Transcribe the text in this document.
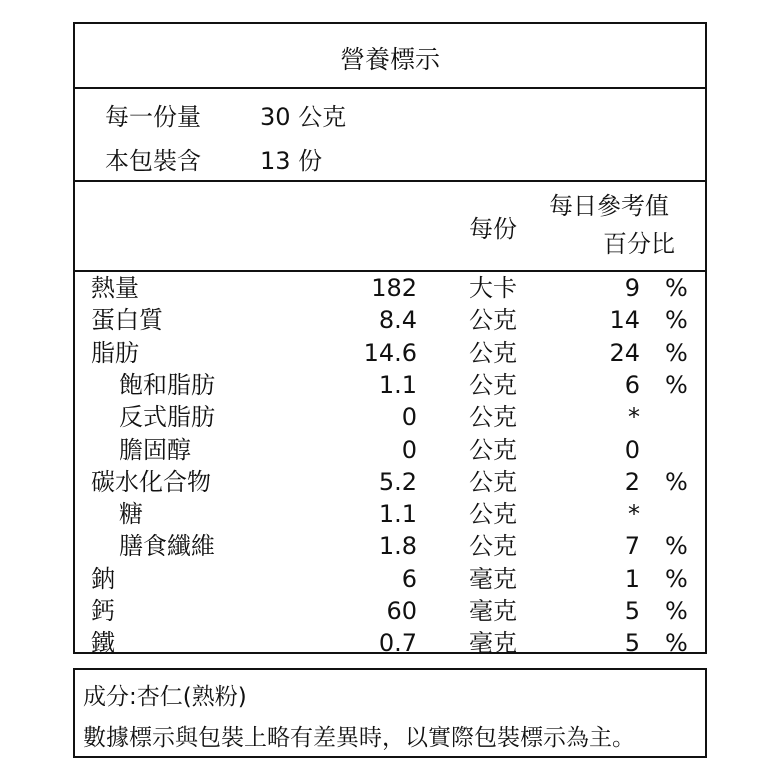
營養標示
每一份量 30 公克
本包裝含 13 份
每份
每日參考值
百分比
熱量	182 大卡	9 %
蛋白質	8.4 公克	14 %
脂肪	14.6 公克	24 %
飽和脂肪	1.1 公克	6 %
反式脂肪	0 公克	*
膽固醇	0 公克	0
碳水化合物	5.2 公克	2 %
糖	1.1 公克	*
膳食纖維	1.8 公克	7 %
鈉	6 毫克	1 %
鈣	60 毫克	5 %
鐵	0.7 毫克	5 %
成分:杏仁(熟粉)
數據標示與包裝上略有差異時，以實際包裝標示為主。
